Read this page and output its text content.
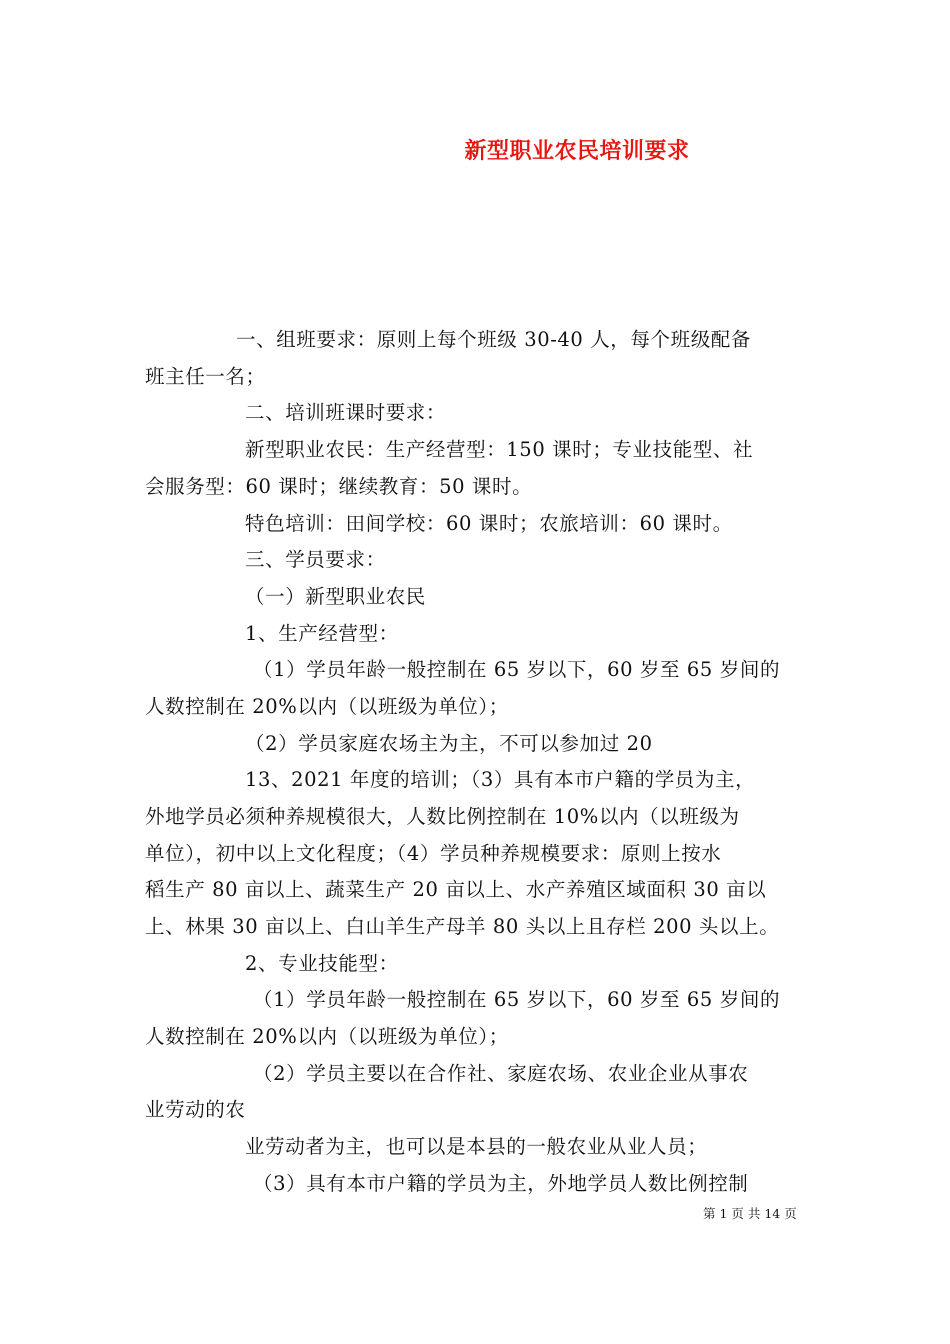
新型职业农民培训要求
一、组班要求：原则上每个班级 30-40 人，每个班级配备
班主任一名；
二、培训班课时要求：
新型职业农民：生产经营型：150 课时；专业技能型、社
会服务型：60 课时；继续教育：50 课时。
特色培训：田间学校：60 课时；农旅培训：60 课时。
三、学员要求：
（一）新型职业农民
1、生产经营型：
（1）学员年龄一般控制在 65 岁以下，60 岁至 65 岁间的
人数控制在 20%以内（以班级为单位）；
（2）学员家庭农场主为主，不可以参加过 20
13、2021 年度的培训；（3）具有本市户籍的学员为主，
外地学员必须种养规模很大，人数比例控制在 10%以内（以班级为
单位），初中以上文化程度；（4）学员种养规模要求：原则上按水
稻生产 80 亩以上、蔬菜生产 20 亩以上、水产养殖区域面积 30 亩以
上、林果 30 亩以上、白山羊生产母羊 80 头以上且存栏 200 头以上。
2、专业技能型：
（1）学员年龄一般控制在 65 岁以下，60 岁至 65 岁间的
人数控制在 20%以内（以班级为单位）；
（2）学员主要以在合作社、家庭农场、农业企业从事农
业劳动的农
业劳动者为主，也可以是本县的一般农业从业人员；
（3）具有本市户籍的学员为主，外地学员人数比例控制
第 1 页 共 14 页
